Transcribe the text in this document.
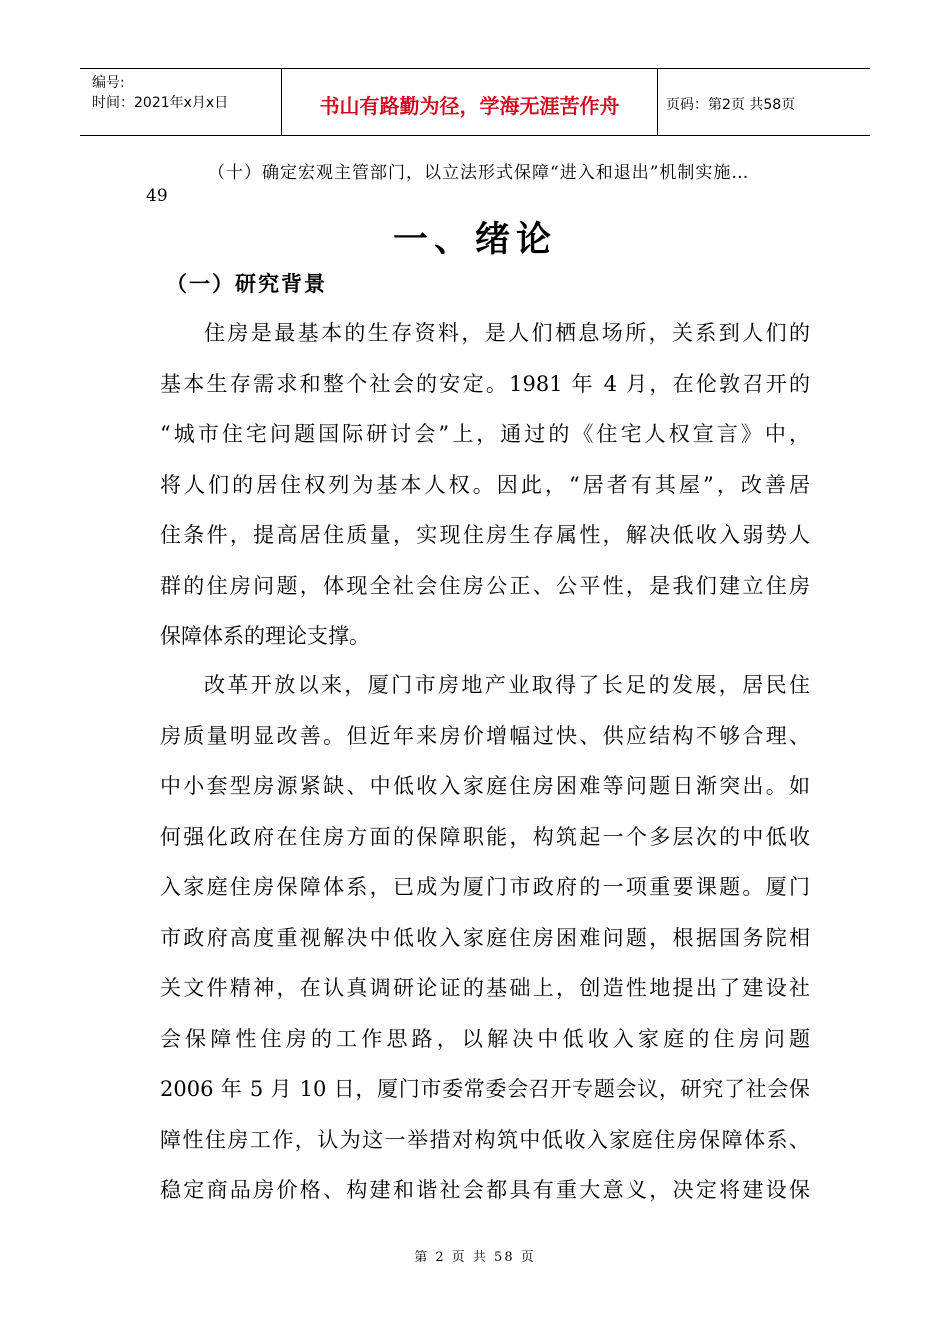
编号:
时间：2021年x月x日	书山有路勤为径，学海无涯苦作舟	页码：第2页 共58页
（十）确定宏观主管部门，以立法形式保障“进入和退出”机制实施…
49
一、绪论
（一）研究背景
住房是最基本的生存资料，是人们栖息场所，关系到人们的
基本生存需求和整个社会的安定。1981 年 4 月，在伦敦召开的
“城市住宅问题国际研讨会”上，通过的《住宅人权宣言》中，
将人们的居住权列为基本人权。因此，“居者有其屋”，改善居
住条件，提高居住质量，实现住房生存属性，解决低收入弱势人
群的住房问题，体现全社会住房公正、公平性，是我们建立住房
保障体系的理论支撑。
改革开放以来，厦门市房地产业取得了长足的发展，居民住
房质量明显改善。但近年来房价增幅过快、供应结构不够合理、
中小套型房源紧缺、中低收入家庭住房困难等问题日渐突出。如
何强化政府在住房方面的保障职能，构筑起一个多层次的中低收
入家庭住房保障体系，已成为厦门市政府的一项重要课题。厦门
市政府高度重视解决中低收入家庭住房困难问题，根据国务院相
关文件精神，在认真调研论证的基础上，创造性地提出了建设社
会保障性住房的工作思路，以解决中低收入家庭的住房问题
2006 年 5 月 10 日，厦门市委常委会召开专题会议，研究了社会保
障性住房工作，认为这一举措对构筑中低收入家庭住房保障体系、
稳定商品房价格、构建和谐社会都具有重大意义，决定将建设保
第 2 页 共 58 页
